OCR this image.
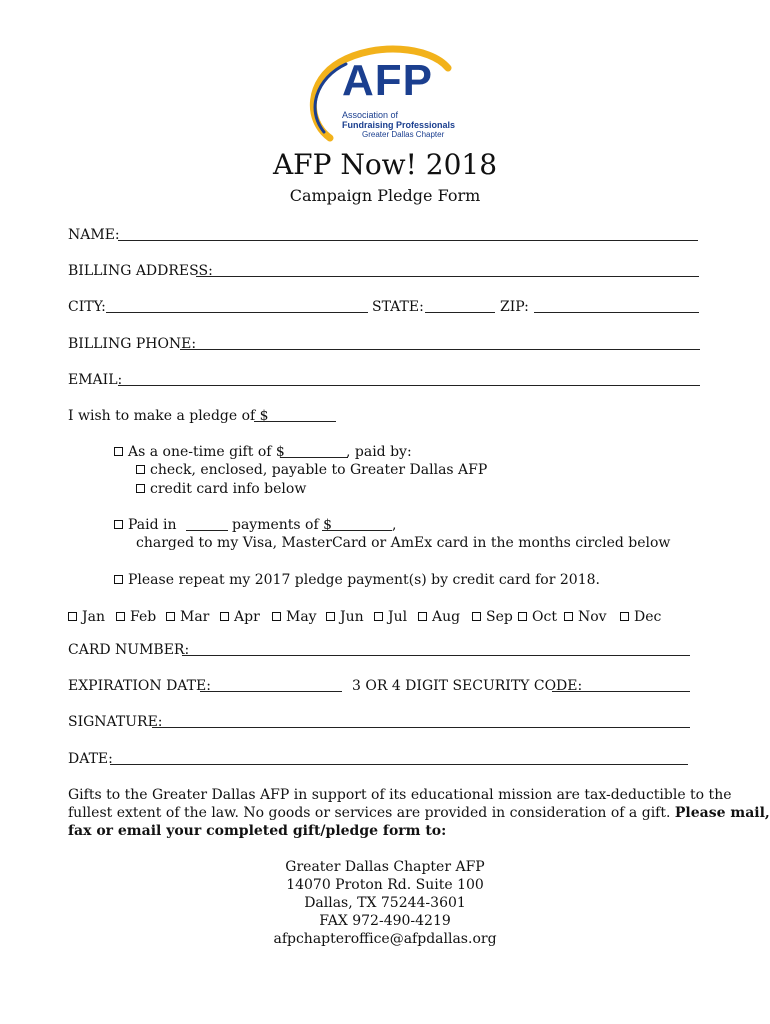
AFP
Association of
Fundraising Professionals
Greater Dallas Chapter
AFP Now! 2018
Campaign Pledge Form
NAME:
BILLING ADDRESS:
CITY:	STATE:	ZIP:
BILLING PHONE:
EMAIL:
I wish to make a pledge of $
As a one-time gift of $	, paid by:
check, enclosed, payable to Greater Dallas AFP
credit card info below
Paid in	payments of $	,
charged to my Visa, MasterCard or AmEx card in the months circled below
Please repeat my 2017 pledge payment(s) by credit card for 2018.
Jan	Feb	Mar	Apr	May	Jun	Jul	Aug	Sep	Oct	Nov	Dec
CARD NUMBER:
EXPIRATION DATE:	3 OR 4 DIGIT SECURITY CODE:
SIGNATURE:
DATE:
Gifts to the Greater Dallas AFP in support of its educational mission are tax-deductible to the
fullest extent of the law. No goods or services are provided in consideration of a gift. Please mail,
fax or email your completed gift/pledge form to:
Greater Dallas Chapter AFP
14070 Proton Rd. Suite 100
Dallas, TX 75244-3601
FAX 972-490-4219
afpchapteroffice@afpdallas.org
